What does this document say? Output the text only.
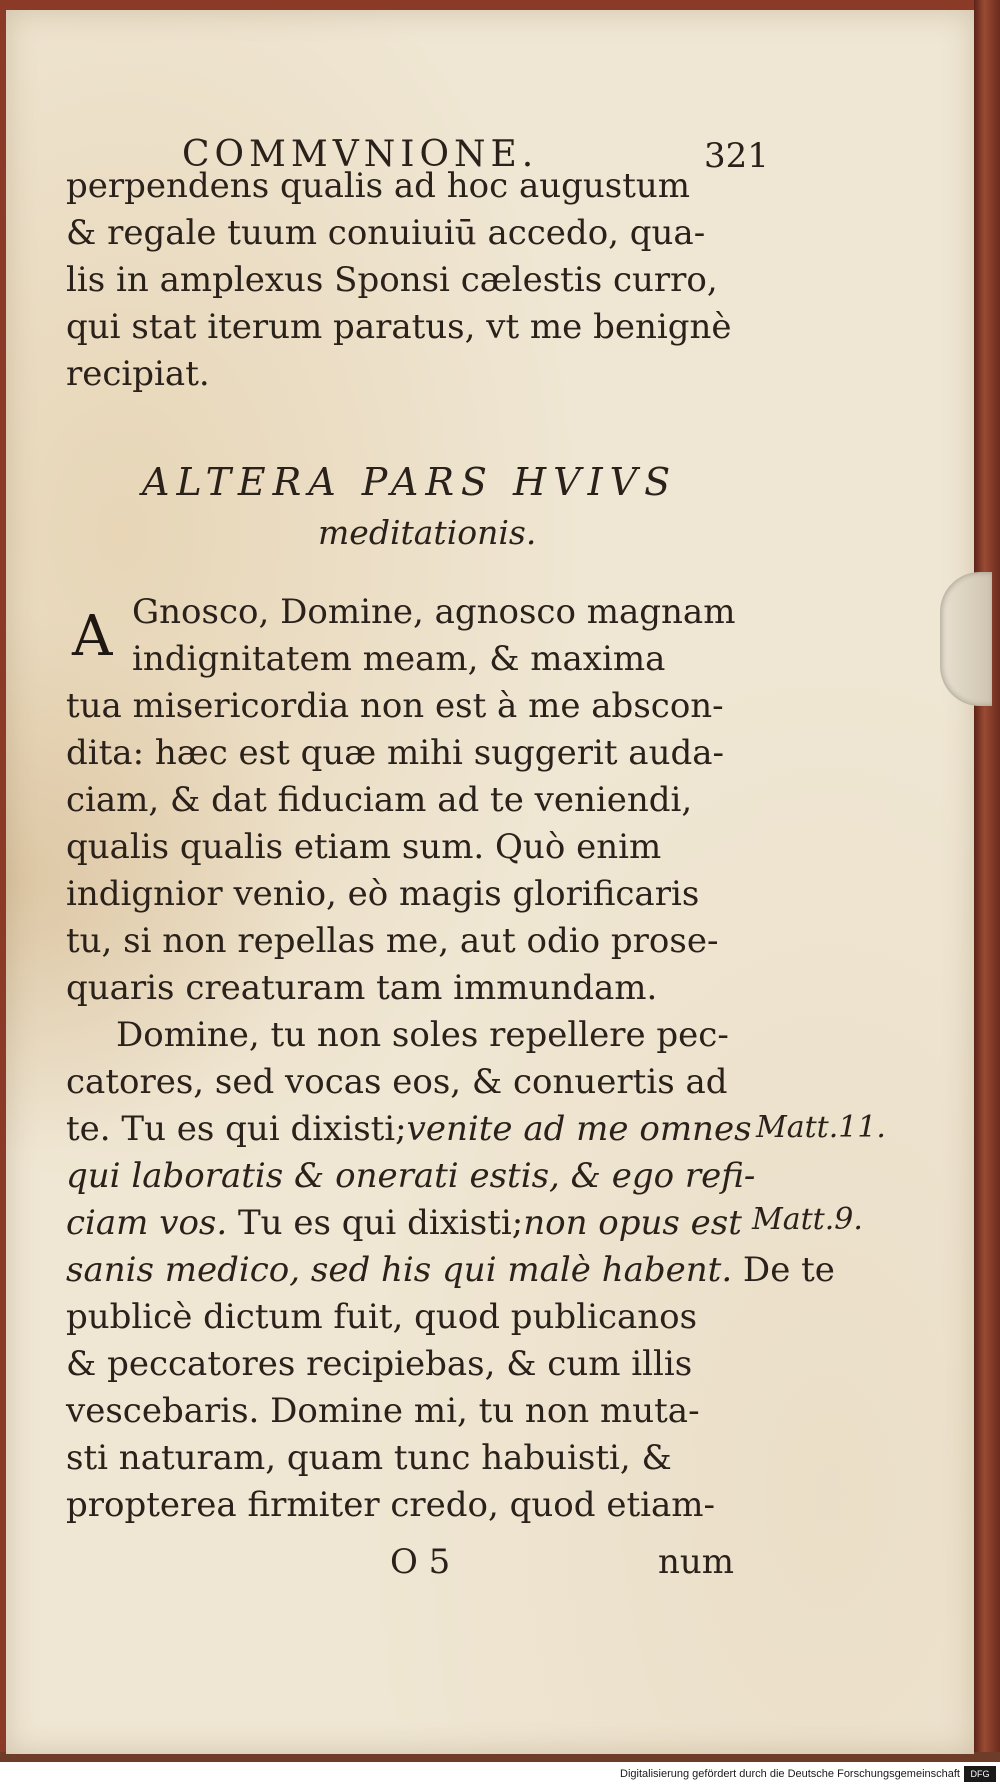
COMMVNIONE.	321
perpendens qualis ad hoc augustum
& regale tuum conuiuiū accedo, qua-
lis in amplexus Sponsi cælestis curro,
qui stat iterum paratus, vt me benignè
recipiat.
ALTERA PARS HVIVS
meditationis.
A Gnosco, Domine, agnosco magnam
indignitatem meam, & maxima
tua misericordia non est à me abscon-
dita: hæc est quæ mihi suggerit auda-
ciam, & dat fiduciam ad te veniendi,
qualis qualis etiam sum. Quò enim
indignior venio, eò magis glorificaris
tu, si non repellas me, aut odio prose-
quaris creaturam tam immundam.
Domine, tu non soles repellere pec-
catores, sed vocas eos, & conuertis ad
te. Tu es qui dixisti;venite ad me omnes Matt.11.
qui laboratis & onerati estis, & ego refi-
ciam vos. Tu es qui dixisti;non opus est Matt.9.
sanis medico, sed his qui malè habent. De te
publicè dictum fuit, quod publicanos
& peccatores recipiebas, & cum illis
vescebaris. Domine mi, tu non muta-
sti naturam, quam tunc habuisti, &
propterea firmiter credo, quod etiam-
O 5	num
Digitalisierung gefördert durch die Deutsche Forschungsgemeinschaft	DFG
